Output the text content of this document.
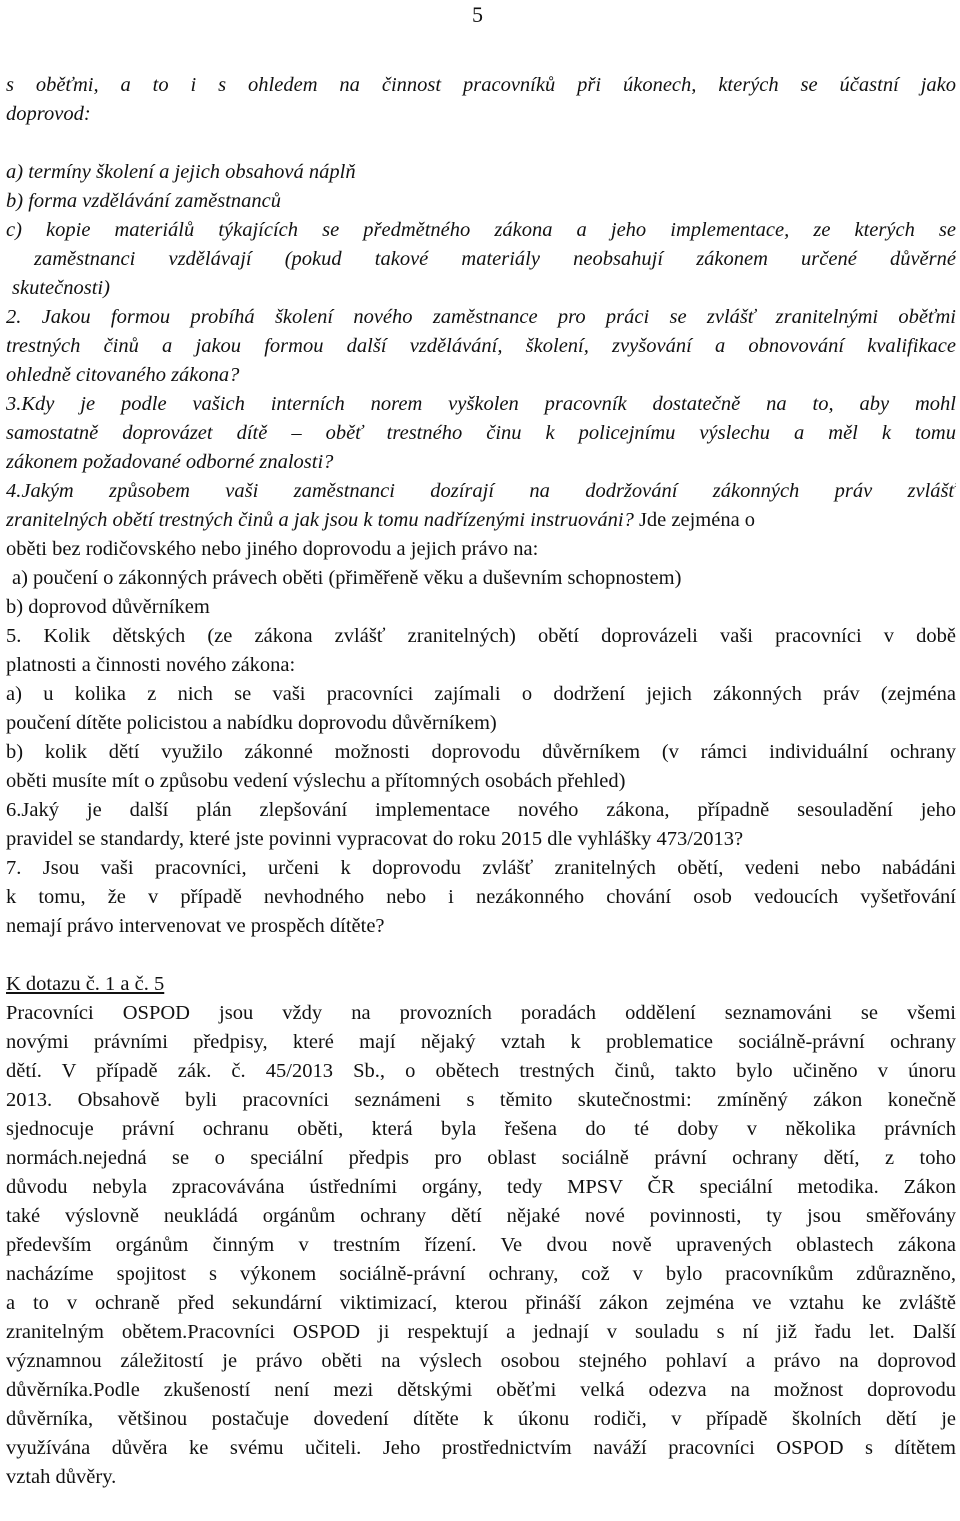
5
s oběťmi, a to i s ohledem na činnost pracovníků při úkonech, kterých se účastní jako
doprovod:
a) termíny školení a jejich obsahová náplň
b) forma vzdělávání zaměstnanců
c) kopie materiálů týkajících se předmětného zákona a jeho implementace, ze kterých se
zaměstnanci vzdělávají (pokud takové materiály neobsahují zákonem určené důvěrné
skutečnosti)
2. Jakou formou probíhá školení nového zaměstnance pro práci se zvlášť zranitelnými oběťmi
trestných činů a jakou formou další vzdělávání, školení, zvyšování a obnovování kvalifikace
ohledně citovaného zákona?
3.Kdy je podle vašich interních norem vyškolen pracovník dostatečně na to, aby mohl
samostatně doprovázet dítě – oběť trestného činu k policejnímu výslechu a měl k tomu
zákonem požadované odborné znalosti?
4.Jakým způsobem vaši zaměstnanci dozírají na dodržování zákonných práv zvlášť
zranitelných obětí trestných činů a jak jsou k tomu nadřízenými instruováni? Jde zejména o
oběti bez rodičovského nebo jiného doprovodu a jejich právo na:
a) poučení o zákonných právech oběti (přiměřeně věku a duševním schopnostem)
b) doprovod důvěrníkem
5. Kolik dětských (ze zákona zvlášť zranitelných) obětí doprovázeli vaši pracovníci v době
platnosti a činnosti nového zákona:
a) u kolika z nich se vaši pracovníci zajímali o dodržení jejich zákonných práv (zejména
poučení dítěte policistou a nabídku doprovodu důvěrníkem)
b) kolik dětí využilo zákonné možnosti doprovodu důvěrníkem (v rámci individuální ochrany
oběti musíte mít o způsobu vedení výslechu a přítomných osobách přehled)
6.Jaký je další plán zlepšování implementace nového zákona, případně sesouladění jeho
pravidel se standardy, které jste povinni vypracovat do roku 2015 dle vyhlášky 473/2013?
7. Jsou vaši pracovníci, určeni k doprovodu zvlášť zranitelných obětí, vedeni nebo nabádáni
k tomu, že v případě nevhodného nebo i nezákonného chování osob vedoucích vyšetřování
nemají právo intervenovat ve prospěch dítěte?
K dotazu č. 1 a č. 5
Pracovníci OSPOD jsou vždy na provozních poradách oddělení seznamováni se všemi
novými právními předpisy, které mají nějaký vztah k problematice sociálně-právní ochrany
dětí. V případě zák. č. 45/2013 Sb., o obětech trestných činů, takto bylo učiněno v únoru
2013. Obsahově byli pracovníci seznámeni s těmito skutečnostmi: zmíněný zákon konečně
sjednocuje právní ochranu oběti, která byla řešena do té doby v několika právních
normách.nejedná se o speciální předpis pro oblast sociálně právní ochrany dětí, z toho
důvodu nebyla zpracovávána ústředními orgány, tedy MPSV ČR speciální metodika. Zákon
také výslovně neukládá orgánům ochrany dětí nějaké nové povinnosti, ty jsou směřovány
především orgánům činným v trestním řízení. Ve dvou nově upravených oblastech zákona
nacházíme spojitost s výkonem sociálně-právní ochrany, což v bylo pracovníkům zdůrazněno,
a to v ochraně před sekundární viktimizací, kterou přináší zákon zejména ve vztahu ke zvláště
zranitelným obětem.Pracovníci OSPOD ji respektují a jednají v souladu s ní již řadu let. Další
významnou záležitostí je právo oběti na výslech osobou stejného pohlaví a právo na doprovod
důvěrníka.Podle zkušeností není mezi dětskými oběťmi velká odezva na možnost doprovodu
důvěrníka, většinou postačuje dovedení dítěte k úkonu rodiči, v případě školních dětí je
využívána důvěra ke svému učiteli. Jeho prostřednictvím naváží pracovníci OSPOD s dítětem
vztah důvěry.
